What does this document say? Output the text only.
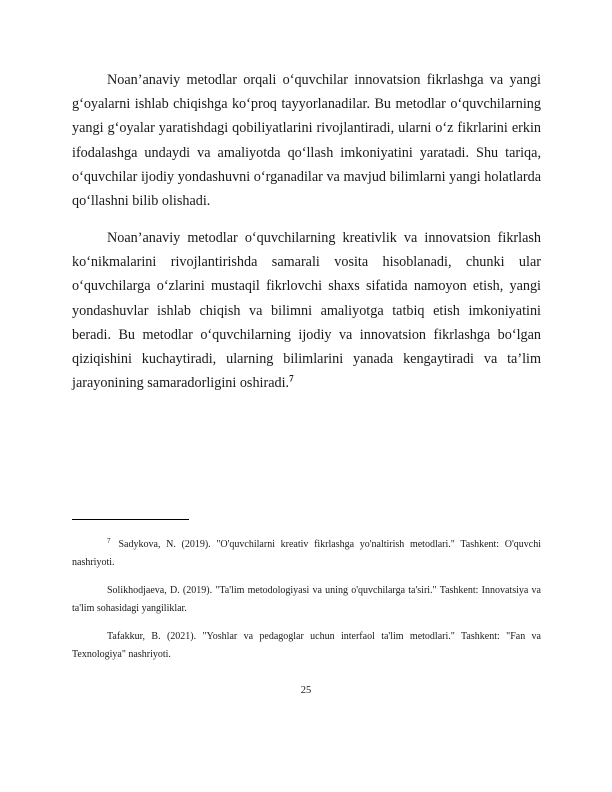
Noan’anaviy metodlar orqali o‘quvchilar innovatsion fikrlashga va yangi g‘oyalarni ishlab chiqishga ko‘proq tayyorlanadilar. Bu metodlar o‘quvchilarning yangi g‘oyalar yaratishdagi qobiliyatlarini rivojlantiradi, ularni o‘z fikrlarini erkin ifodalashga undaydi va amaliyotda qo‘llash imkoniyatini yaratadi. Shu tariqa, o‘quvchilar ijodiy yondashuvni o‘rganadilar va mavjud bilimlarni yangi holatlarda qo‘llashni bilib olishadi.

Noan’anaviy metodlar o‘quvchilarning kreativlik va innovatsion fikrlash ko‘nikmalarini rivojlantirishda samarali vosita hisoblanadi, chunki ular o‘quvchilarga o‘zlarini mustaqil fikrlovchi shaxs sifatida namoyon etish, yangi yondashuvlar ishlab chiqish va bilimni amaliyotga tatbiq etish imkoniyatini beradi. Bu metodlar o‘quvchilarning ijodiy va innovatsion fikrlashga bo‘lgan qiziqishini kuchaytiradi, ularning bilimlarini yanada kengaytiradi va ta’lim jarayonining samaradorligini oshiradi.$^7$

$^7$ Sadykova, N. (2019). "O'quvchilarni kreativ fikrlashga yo'naltirish metodlari." Tashkent: O'quvchi nashriyoti.

Solikhodjaeva, D. (2019). "Ta'lim metodologiyasi va uning o'quvchilarga ta'siri." Tashkent: Innovatsiya va ta'lim sohasidagi yangiliklar.

Tafakkur, B. (2021). "Yoshlar va pedagoglar uchun interfaol ta'lim metodlari." Tashkent: "Fan va Texnologiya" nashriyoti.

25
